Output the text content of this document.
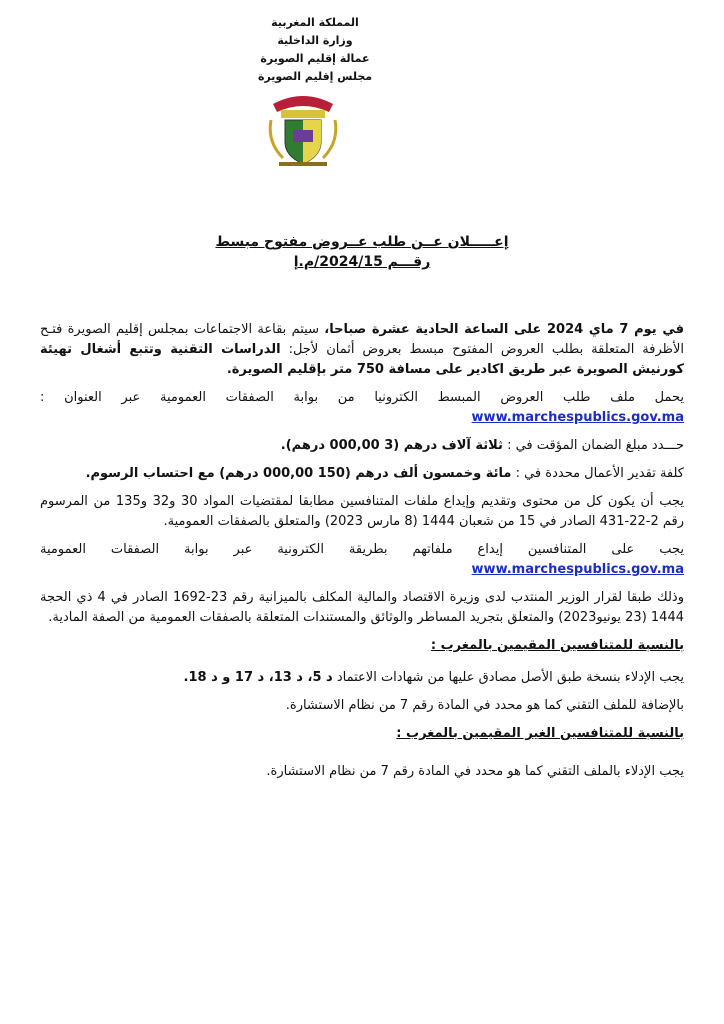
المملكة المغربية
وزارة الداخلية
عمالة إقليم الصويرة
مجلس إقليم الصويرة
إعـــــلان عــن طلب عــروض مفتوح مبسط
رقـــم 2024/15/م.إ

في يوم 7 ماي 2024 على الساعة الحادية عشرة صباحا، سيتم بقاعة الاجتماعات بمجلس إقليم الصويرة فتـح الأظرفة المتعلقة بطلب العروض المفتوح مبسط بعروض أثمان لأجل: الدراسات التقنية وتتبع أشغال تهيئة كورنيش الصويرة عبر طريق اكادير على مسافة 750 متر بإقليم الصويرة.

يحمل ملف طلب العروض المبسط الكترونيا من بوابة الصفقات العمومية عبر العنوان : www.marchespublics.gov.ma

حـــدد مبلغ الضمان المؤقت في : ثلاثة آلاف درهم (3 000,00 درهم).

كلفة تقدير الأعمال محددة في : مائة وخمسون ألف درهم (150 000,00 درهم) مع احتساب الرسوم.

يجب أن يكون كل من محتوى وتقديم وإيداع ملفات المتنافسين مطابقا لمقتضيات المواد 30 و32 و135 من المرسوم رقم 2-22-431 الصادر في 15 من شعبان 1444 (8 مارس 2023) والمتعلق بالصفقات العمومية.

يجب على المتنافسين إيداع ملفاتهم بطريقة الكترونية عبر بوابة الصفقات العمومية www.marchespublics.gov.ma

وذلك طبقا لقرار الوزير المنتدب لدى وزيرة الاقتصاد والمالية المكلف بالميزانية رقم 23-1692 الصادر في 4 ذي الحجة 1444 (23 يونيو2023) والمتعلق بتجريد المساطر والوثائق والمستندات المتعلقة بالصفقات العمومية من الصفة المادية.

بالنسبة للمتنافسين المقيمين بالمغرب :

يجب الإدلاء بنسخة طبق الأصل مصادق عليها من شهادات الاعتماد د 5، د 13، د 17 و د 18.

بالإضافة للملف التقني كما هو محدد في المادة رقم 7 من نظام الاستشارة.

بالنسبة للمتنافسين الغير المقيمين بالمغرب :

يجب الإدلاء بالملف التقني كما هو محدد في المادة رقم 7 من نظام الاستشارة.
